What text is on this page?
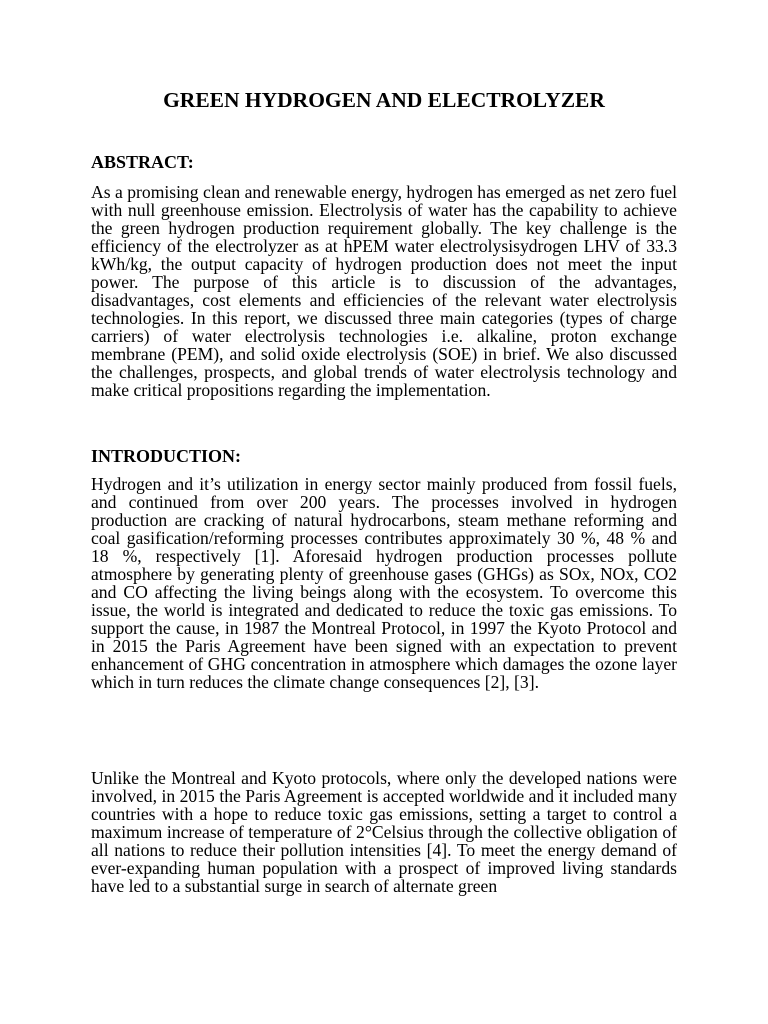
GREEN HYDROGEN AND ELECTROLYZER
ABSTRACT:

As a promising clean and renewable energy, hydrogen has emerged as net zero fuel with null greenhouse emission. Electrolysis of water has the capability to achieve the green hydrogen production requirement globally. The key challenge is the efficiency of the electrolyzer as at hPEM water electrolysisydrogen LHV of 33.3 kWh/kg, the output capacity of hydrogen production does not meet the input power. The purpose of this article is to discussion of the advantages, disadvantages, cost elements and efficiencies of the relevant water electrolysis technologies. In this report, we discussed three main categories (types of charge carriers) of water electrolysis technologies i.e. alkaline, proton exchange membrane (PEM), and solid oxide electrolysis (SOE) in brief. We also discussed the challenges, prospects, and global trends of water electrolysis technology and make critical propositions regarding the implementation.

INTRODUCTION:

Hydrogen and it’s utilization in energy sector mainly produced from fossil fuels, and continued from over 200 years. The processes involved in hydrogen production are cracking of natural hydrocarbons, steam methane reforming and coal gasification/reforming processes contributes approximately 30 %, 48 % and 18 %, respectively [1]. Aforesaid hydrogen production processes pollute atmosphere by generating plenty of greenhouse gases (GHGs) as SOx, NOx, CO2 and CO affecting the living beings along with the ecosystem. To overcome this issue, the world is integrated and dedicated to reduce the toxic gas emissions. To support the cause, in 1987 the Montreal Protocol, in 1997 the Kyoto Protocol and in 2015 the Paris Agreement have been signed with an expectation to prevent enhancement of GHG concentration in atmosphere which damages the ozone layer which in turn reduces the climate change consequences [2], [3].

Unlike the Montreal and Kyoto protocols, where only the developed nations were involved, in 2015 the Paris Agreement is accepted worldwide and it included many countries with a hope to reduce toxic gas emissions, setting a target to control a maximum increase of temperature of 2°Celsius through the collective obligation of all nations to reduce their pollution intensities [4]. To meet the energy demand of ever-expanding human population with a prospect of improved living standards have led to a substantial surge in search of alternate green
